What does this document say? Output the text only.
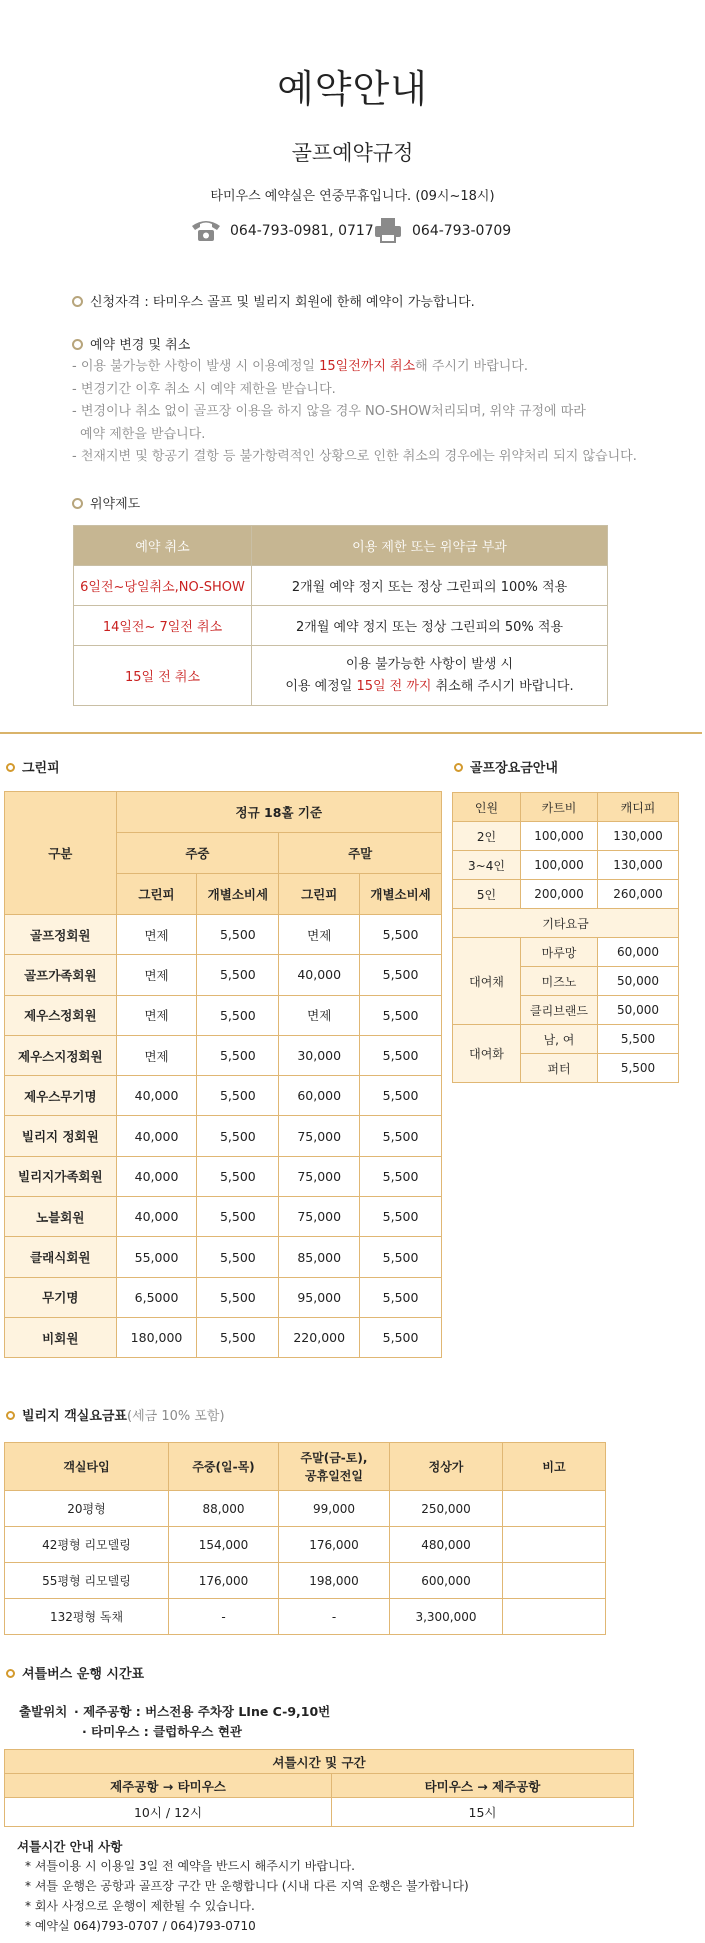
예약안내
골프예약규정
타미우스 예약실은 연중무휴입니다. (09시~18시)
064-793-0981, 0717	064-793-0709
신청자격 : 타미우스 골프 및 빌리지 회원에 한해 예약이 가능합니다.
예약 변경 및 취소
- 이용 불가능한 사항이 발생 시 이용예정일 15일전까지 취소해 주시기 바랍니다.
- 변경기간 이후 취소 시 예약 제한을 받습니다.
- 변경이나 취소 없이 골프장 이용을 하지 않을 경우 NO-SHOW처리되며, 위약 규정에 따라
예약 제한을 받습니다.
- 천재지변 및 항공기 결항 등 불가항력적인 상황으로 인한 취소의 경우에는 위약처리 되지 않습니다.
위약제도
예약 취소	이용 제한 또는 위약금 부과
6일전~당일취소,NO-SHOW	2개월 예약 정지 또는 정상 그린피의 100% 적용
14일전~ 7일전 취소	2개월 예약 정지 또는 정상 그린피의 50% 적용
15일 전 취소	이용 불가능한 사항이 발생 시
이용 예정일 15일 전 까지 취소해 주시기 바랍니다.
그린피
구분	정규 18홀 기준			
	주중		주말	
	그린피	개별소비세	그린피	개별소비세
골프정회원	면제	5,500	면제	5,500
골프가족회원	면제	5,500	40,000	5,500
제우스정회원	면제	5,500	면제	5,500
제우스지정회원	면제	5,500	30,000	5,500
제우스무기명	40,000	5,500	60,000	5,500
빌리지 정회원	40,000	5,500	75,000	5,500
빌리지가족회원	40,000	5,500	75,000	5,500
노블회원	40,000	5,500	75,000	5,500
클래식회원	55,000	5,500	85,000	5,500
무기명	6,5000	5,500	95,000	5,500
비회원	180,000	5,500	220,000	5,500
골프장요금안내
인원	카트비	캐디피
2인	100,000	130,000
3~4인	100,000	130,000
5인	200,000	260,000
기타요금		
대여채	마루망	60,000
	미즈노	50,000
	클리브랜드	50,000
대여화	남, 여	5,500
	퍼터	5,500
빌리지 객실요금표(세금 10% 포함)
객실타입	주중(일-목)	주말(금-토),
공휴일전일	정상가	비고
20평형	88,000	99,000	250,000	
42평형 리모델링	154,000	176,000	480,000	
55평형 리모델링	176,000	198,000	600,000	
132평형 독채	-	-	3,300,000	
셔틀버스 운행 시간표
출발위치 · 제주공항 : 버스전용 주차장 LIne C-9,10번
· 타미우스 : 클럽하우스 현관
셔틀시간 및 구간	
제주공항 → 타미우스	타미우스 → 제주공항
10시 / 12시	15시
셔틀시간 안내 사항
* 셔틀이용 시 이용일 3일 전 예약을 반드시 해주시기 바랍니다.
* 셔틀 운행은 공항과 골프장 구간 만 운행합니다 (시내 다른 지역 운행은 불가합니다)
* 회사 사정으로 운행이 제한될 수 있습니다.
* 예약실 064)793-0707 / 064)793-0710
